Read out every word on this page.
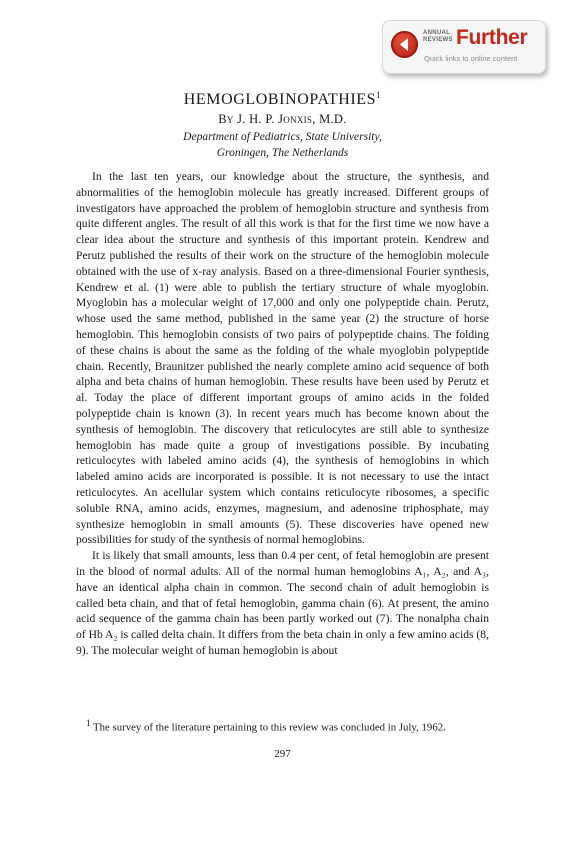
ANNUAL
REVIEWS Further
Quick links to online content
HEMOGLOBINOPATHIES$^1$
By J. H. P. Jonxis, M.D.
Department of Pediatrics, State University,
Groningen, The Netherlands

In the last ten years, our knowledge about the structure, the synthesis, and abnormalities of the hemoglobin molecule has greatly increased. Different groups of investigators have approached the problem of hemoglobin structure and synthesis from quite different angles. The result of all this work is that for the first time we now have a clear idea about the structure and synthesis of this important protein. Kendrew and Perutz published the results of their work on the structure of the hemoglobin molecule obtained with the use of x-ray analysis. Based on a three-dimensional Fourier synthesis, Kendrew et al. (1) were able to publish the tertiary structure of whale myoglobin. Myoglobin has a molecular weight of 17,000 and only one polypeptide chain. Perutz, whose used the same method, published in the same year (2) the structure of horse hemoglobin. This hemoglobin consists of two pairs of polypeptide chains. The folding of these chains is about the same as the folding of the whale myoglobin polypeptide chain. Recently, Braunitzer published the nearly complete amino acid sequence of both alpha and beta chains of human hemoglobin. These results have been used by Perutz et al. Today the place of different important groups of amino acids in the folded polypeptide chain is known (3). In recent years much has become known about the synthesis of hemoglobin. The discovery that reticulocytes are still able to synthesize hemoglobin has made quite a group of investigations possible. By incubating reticulocytes with labeled amino acids (4), the synthesis of hemoglobins in which labeled amino acids are incorporated is possible. It is not necessary to use the intact reticulocytes. An acellular system which contains reticulocyte ribosomes, a specific soluble RNA, amino acids, enzymes, magnesium, and adenosine triphosphate, may synthesize hemoglobin in small amounts (5). These discoveries have opened new possibilities for study of the synthesis of normal hemoglobins.

It is likely that small amounts, less than 0.4 per cent, of fetal hemoglobin are present in the blood of normal adults. All of the normal human hemoglobins A₁, A₂, and A₃, have an identical alpha chain in common. The second chain of adult hemoglobin is called beta chain, and that of fetal hemoglobin, gamma chain (6). At present, the amino acid sequence of the gamma chain has been partly worked out (7). The nonalpha chain of Hb A₂ is called delta chain. It differs from the beta chain in only a few amino acids (8, 9). The molecular weight of human hemoglobin is about

$^1$ The survey of the literature pertaining to this review was concluded in July, 1962.
297
